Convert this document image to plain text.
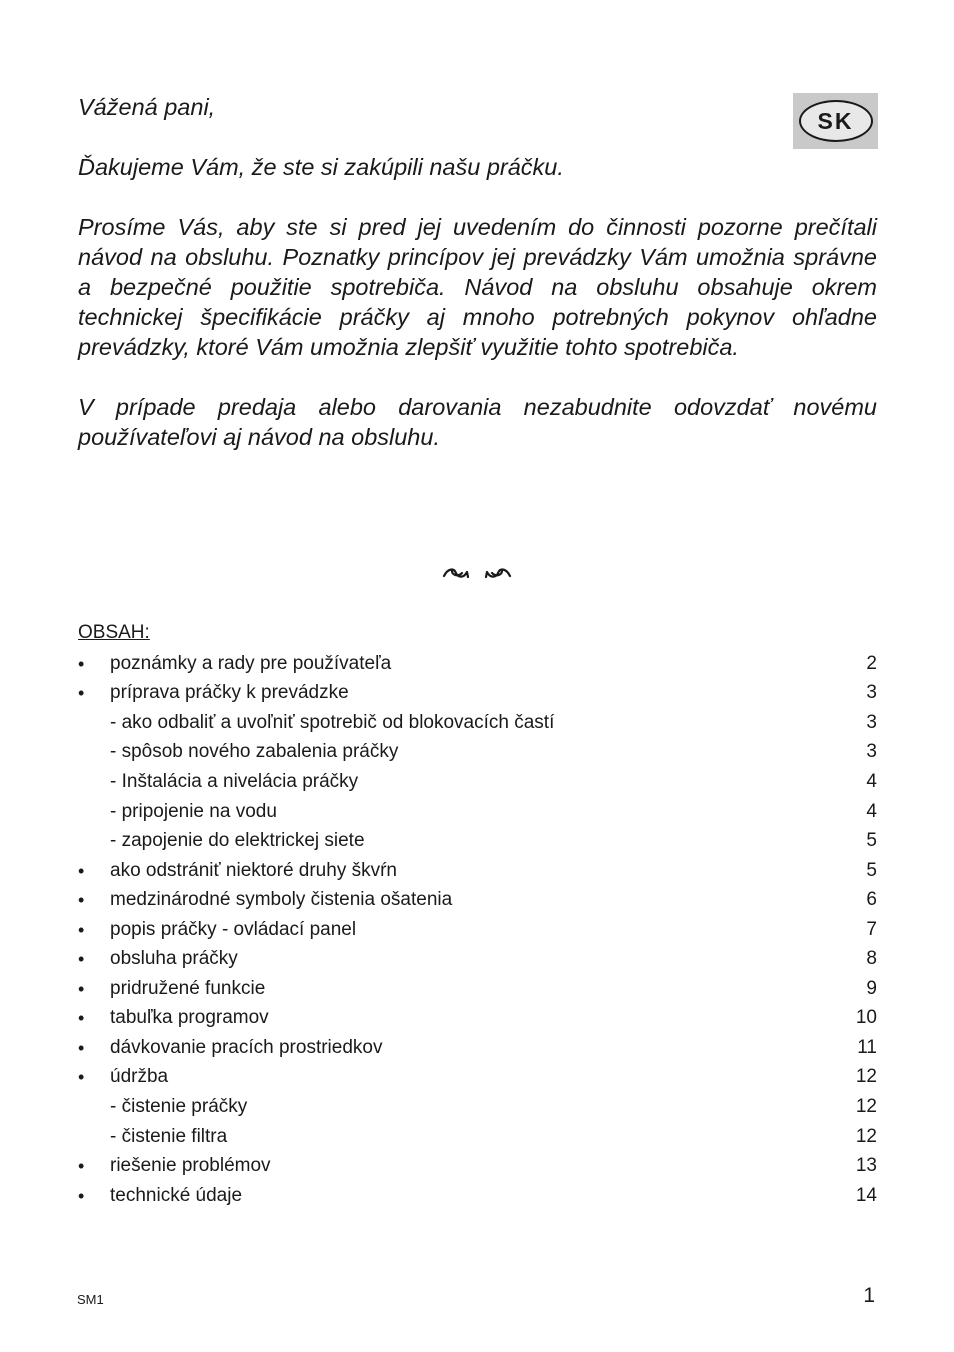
Vážená pani,

Ďakujeme Vám, že ste si zakúpili našu práčku.

Prosíme Vás, aby ste si pred jej uvedením do činnosti pozorne prečítali návod na obsluhu. Poznatky princípov jej prevádzky Vám umožnia správne a bezpečné použitie spotrebiča. Návod na obsluhu obsahuje okrem technickej špecifikácie práčky aj mnoho potrebných pokynov ohľadne prevádzky, ktoré Vám umožnia zlepšiť využitie tohto spotrebiča.

V prípade predaja alebo darovania nezabudnite odovzdať novému používateľovi aj návod na obsluhu.

SK
OBSAH:
•	poznámky a rady pre používateľa	2
•	príprava práčky k prevádzke	3
- ako odbaliť a uvoľniť spotrebič od blokovacích častí	3
- spôsob nového zabalenia práčky	3
- Inštalácia a nivelácia práčky	4
- pripojenie na vodu	4
- zapojenie do elektrickej siete	5
•	ako odstrániť niektoré druhy škvŕn	5
•	medzinárodné symboly čistenia ošatenia	6
•	popis práčky - ovládací panel	7
•	obsluha práčky	8
•	pridružené funkcie	9
•	tabuľka programov	10
•	dávkovanie pracích prostriedkov	11
•	údržba	12
- čistenie práčky	12
- čistenie filtra	12
•	riešenie problémov	13
•	technické údaje	14
SM1	1
